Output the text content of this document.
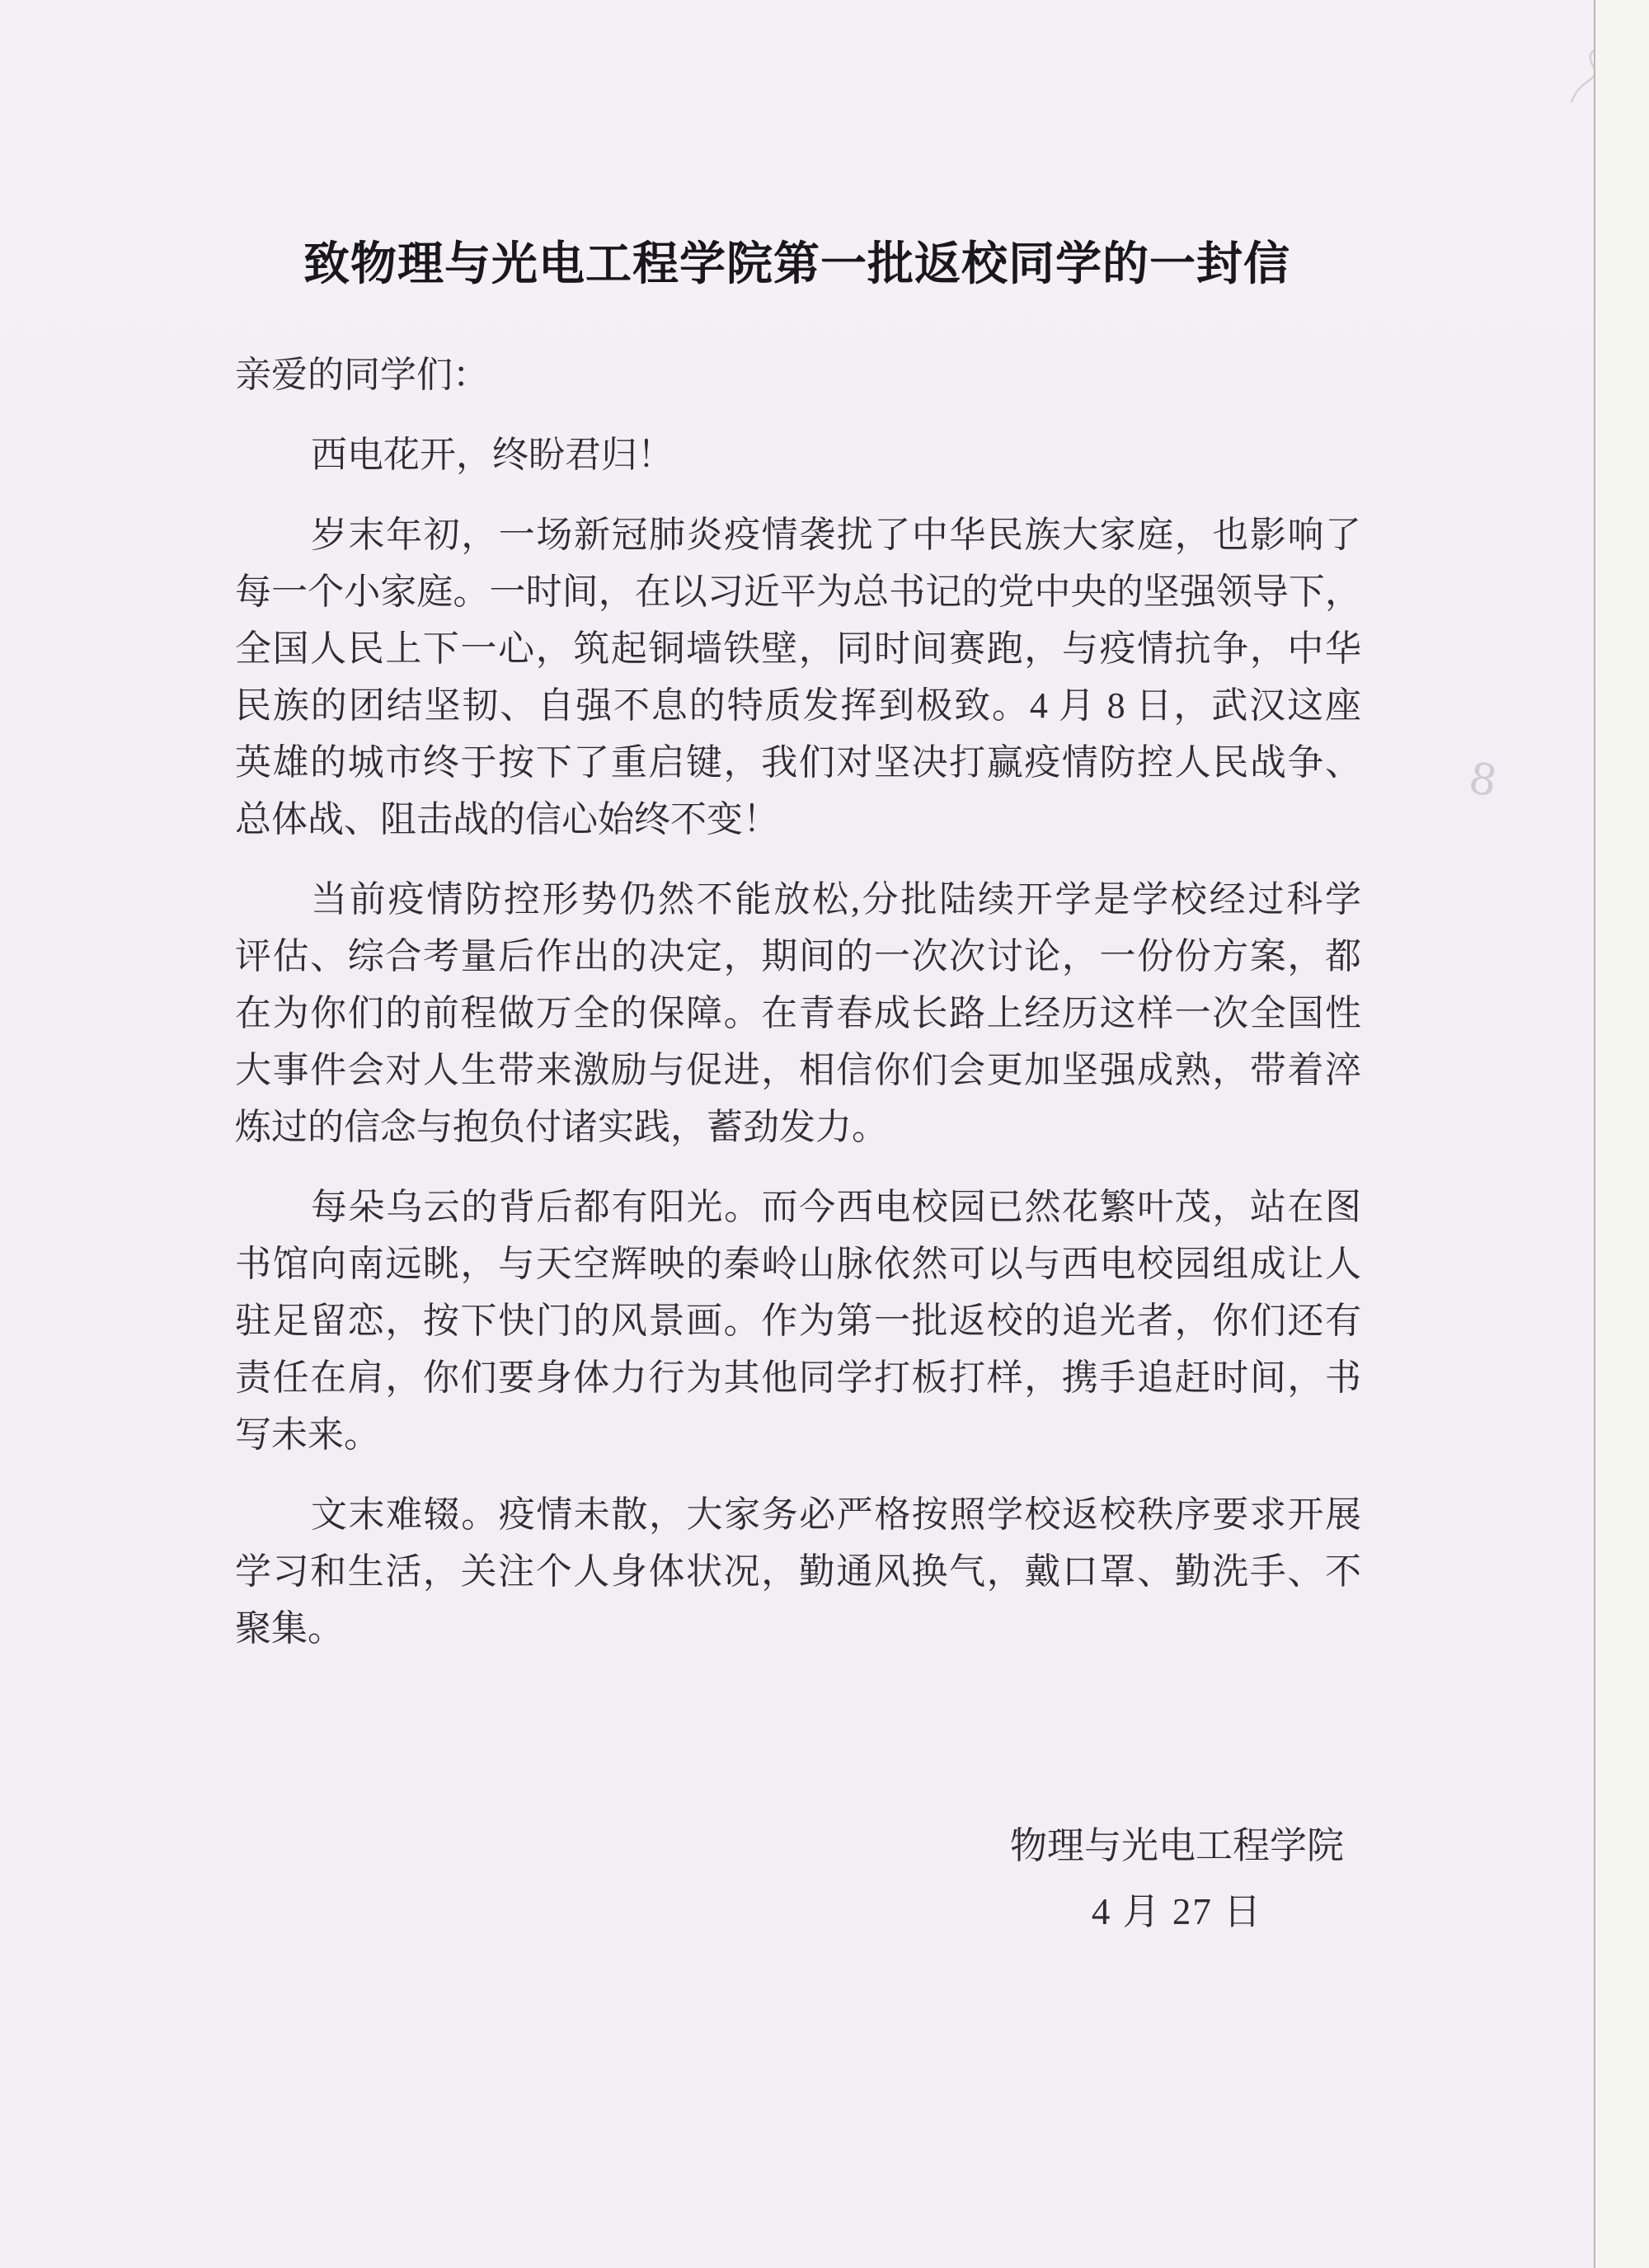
致物理与光电工程学院第一批返校同学的一封信
亲爱的同学们：
西电花开，终盼君归！
岁末年初，一场新冠肺炎疫情袭扰了中华民族大家庭，也影响了
每一个小家庭。一时间，在以习近平为总书记的党中央的坚强领导下，
全国人民上下一心，筑起铜墙铁壁，同时间赛跑，与疫情抗争，中华
民族的团结坚韧、自强不息的特质发挥到极致。4 月 8 日，武汉这座
英雄的城市终于按下了重启键，我们对坚决打赢疫情防控人民战争、
总体战、阻击战的信心始终不变！
当前疫情防控形势仍然不能放松,分批陆续开学是学校经过科学
评估、综合考量后作出的决定，期间的一次次讨论，一份份方案，都
在为你们的前程做万全的保障。在青春成长路上经历这样一次全国性
大事件会对人生带来激励与促进，相信你们会更加坚强成熟，带着淬
炼过的信念与抱负付诸实践，蓄劲发力。
每朵乌云的背后都有阳光。而今西电校园已然花繁叶茂，站在图
书馆向南远眺，与天空辉映的秦岭山脉依然可以与西电校园组成让人
驻足留恋，按下快门的风景画。作为第一批返校的追光者，你们还有
责任在肩，你们要身体力行为其他同学打板打样，携手追赶时间，书
写未来。
文末难辍。疫情未散，大家务必严格按照学校返校秩序要求开展
学习和生活，关注个人身体状况，勤通风换气，戴口罩、勤洗手、不
聚集。
物理与光电工程学院
4 月 27 日
8
